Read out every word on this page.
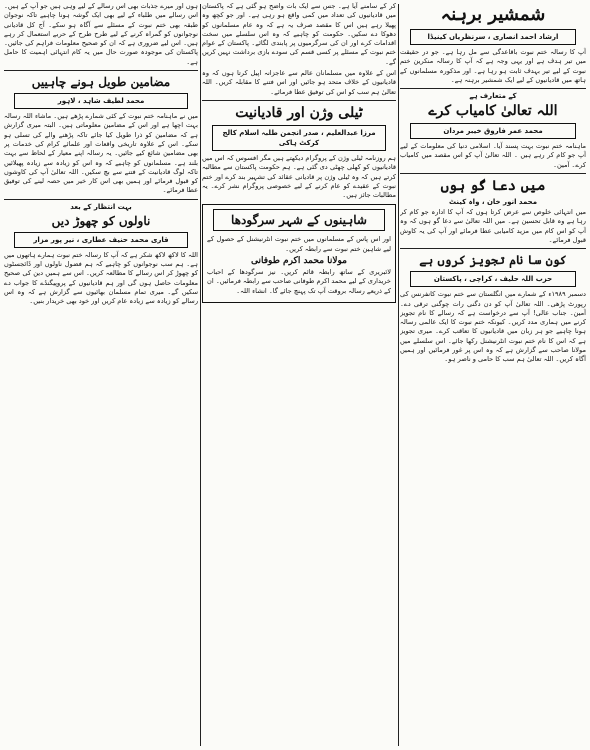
شمشیر برہنہ
ارشاد احمد انصاری ، سرنظریاں کینیڈا

آپ کا رسالہ ختم نبوت باقاعدگی سے مل رہا ہے۔ جو در حقیقت میں تیر ہدف ہے اور یہی وجہ ہے کہ آپ کا رسالہ منکرین ختم نبوت کے لیے تیر بہدف ثابت ہو رہا ہے۔ اور مذکورہ مسلمانوں کے ہاتھ میں قادیانیوں کے لیے ایک شمشیر برہنہ ہے۔

کے متعارف ہے
اللہ تعالیٰ کامیاب کرے
محمد عمر فاروق خیبر مردان

ماہنامہ ختم نبوت بہت پسند آیا۔ اسلامی دنیا کی معلومات کے لیے آپ جو کام کر رہے ہیں ۔ اللہ تعالیٰ آپ کو اس مقصد میں کامیاب کرے۔ آمین۔

میں دعا گو ہوں
محمد انور خان ، واہ کینٹ

میں انتہائی خلوص سے عرض کرتا ہوں کہ آپ کا ادارہ جو کام کر رہا ہے وہ قابل تحسین ہے۔ میں اللہ تعالیٰ سے دعا گو ہوں کہ وہ آپ کو اس کام میں مزید کامیابی عطا فرمائے اور آپ کی یہ کاوش قبول فرمائے۔

کون سا نام تجویز کروں ہے
حزب اللہ حلیف ، کراچی ، پاکستان

دسمبر ۱۹۸۹ء کے شمارے میں انگلستان سے ختم نبوت کانفرنس کی رپورٹ پڑھی۔ اللہ تعالیٰ آپ کو دن دگنی رات چوگنی ترقی دے۔ آمین۔ جناب عالی! آپ سے درخواست ہے کہ رسالے کا نام تجویز کرنے میں ہماری مدد کریں۔ کیونکہ ختم نبوت کا ایک عالمی رسالہ ہونا چاہیے جو ہر زبان میں قادیانیوں کا تعاقب کرے۔ میری تجویز ہے کہ اس کا نام ختم نبوت انٹرنیشنل رکھا جائے۔ اس سلسلے میں مولانا صاحب سے گزارش ہے کہ وہ اس پر غور فرمائیں اور ہمیں آگاہ کریں۔ اللہ تعالیٰ ہم سب کا حامی و ناصر ہو۔

کر کے سامنے آیا ہے۔ جس سے ایک بات واضح ہو گئی ہے کہ پاکستان میں قادیانیوں کی تعداد میں کمی واقع ہو رہی ہے۔ اور جو کچھ وہ پھیلا رہے ہیں اس کا مقصد صرف یہ ہے کہ وہ عام مسلمانوں کو دھوکا دے سکیں۔ حکومت کو چاہیے کہ وہ اس سلسلے میں سخت اقدامات کرے اور ان کی سرگرمیوں پر پابندی لگائے۔ پاکستان کے عوام ختم نبوت کے مسئلے پر کسی قسم کی سودے بازی برداشت نہیں کریں گے۔

اس کے علاوہ میں مسلمانان عالم سے عاجزانہ اپیل کرتا ہوں کہ وہ قادیانیوں کے خلاف متحد ہو جائیں اور اس فتنے کا مقابلہ کریں۔ اللہ تعالیٰ ہم سب کو اس کی توفیق عطا فرمائے۔

ٹیلی وژن اور قادیانیت
مرزا عبدالعلیم ، صدر انجمن طلبہ اسلام کالج کرکٹ ہاکی

ہم روزنامہ ٹیلی وژن کے پروگرام دیکھتے ہیں مگر افسوس کہ اس میں قادیانیوں کو کھلی چھٹی دی گئی ہے۔ ہم حکومت پاکستان سے مطالبہ کرتے ہیں کہ وہ ٹیلی وژن پر قادیانی عقائد کی تشہیر بند کرے اور ختم نبوت کے عقیدے کو عام کرنے کے لیے خصوصی پروگرام نشر کرے۔ یہ مطالبات جائز ہیں۔

شاہینوں کے شہر سرگودھا

اور اس پاس کے مسلمانوں میں ختم نبوت انٹرنیشنل کے حصول کے لیے شاہین ختم نبوت سے رابطہ کریں۔

مولانا محمد اکرم طوفانی

لائبریری کے ساتھ رابطہ قائم کریں۔ نیز سرگودھا کے احباب خریداری کے لیے محمد اکرم طوفانی صاحب سے رابطہ فرمائیں۔ ان کے ذریعے رسالہ بروقت آپ تک پہنچ جائے گا۔ انشاء اللہ۔

ہوں اور میرے جذبات بھی اس رسالے کے لیے وہی ہیں جو آپ کے ہیں۔ اس رسالے میں طلباء کے لیے بھی ایک گوشہ ہونا چاہیے تاکہ نوجوان طبقہ بھی ختم نبوت کے مسئلے سے آگاہ ہو سکے۔ آج کل قادیانی نوجوانوں کو گمراہ کرنے کے لیے طرح طرح کے حربے استعمال کر رہے ہیں۔ اس لیے ضروری ہے کہ ان کو صحیح معلومات فراہم کی جائیں۔ پاکستان کی موجودہ صورت حال میں یہ کام انتہائی اہمیت کا حامل ہے۔

مضامین طویل ہونے چاہییں
محمد لطیف شاہد ، لاہور

میں نے ماہنامہ ختم نبوت کے کئی شمارے پڑھے ہیں۔ ماشاء اللہ رسالہ بہت اچھا ہے اور اس کے مضامین معلوماتی ہیں۔ البتہ میری گزارش ہے کہ مضامین کو ذرا طویل کیا جائے تاکہ پڑھنے والے کی تسلی ہو سکے۔ اس کے علاوہ تاریخی واقعات اور علمائے کرام کی خدمات پر بھی مضامین شائع کیے جائیں۔ یہ رسالہ اپنے معیار کے لحاظ سے بہت بلند ہے۔ مسلمانوں کو چاہیے کہ وہ اس کو زیادہ سے زیادہ پھیلائیں تاکہ لوگ قادیانیت کے فتنے سے بچ سکیں۔ اللہ تعالیٰ آپ کی کاوشوں کو قبول فرمائے اور ہمیں بھی اس کار خیر میں حصہ لینے کی توفیق عطا فرمائے۔

بہت انتظار کے بعد
ناولوں کو چھوڑ دیں
قاری محمد حنیف عطاری ، نیر پور مزار

اللہ کا لاکھ لاکھ شکر ہے کہ آپ کا رسالہ ختم نبوت ہمارے ہاتھوں میں ہے۔ ہم سب نوجوانوں کو چاہیے کہ ہم فضول ناولوں اور ڈائجسٹوں کو چھوڑ کر اس رسالے کا مطالعہ کریں۔ اس سے ہمیں دین کی صحیح معلومات حاصل ہوں گی اور ہم قادیانیوں کے پروپیگنڈے کا جواب دے سکیں گے۔ میری تمام مسلمان بھائیوں سے گزارش ہے کہ وہ اس رسالے کو زیادہ سے زیادہ عام کریں اور خود بھی خریدار بنیں۔
